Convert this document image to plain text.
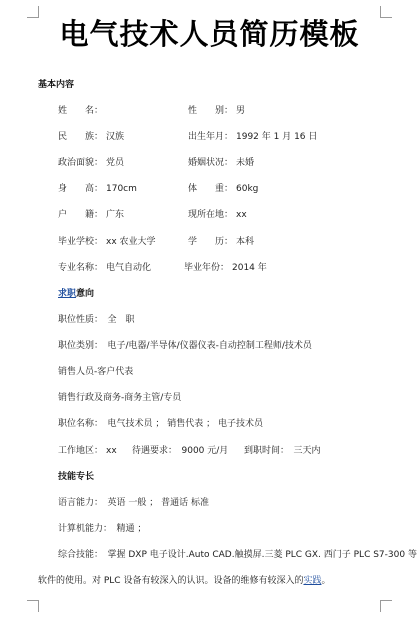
电气技术人员简历模板
基本内容
姓　　名：	性　　别： 男
民　　族： 汉族	出生年月： 1992 年 1 月 16 日
政治面貌： 党员	婚姻状况： 未婚
身　　高： 170cm	体　　重： 60kg
户　　籍： 广东	现所在地： xx
毕业学校： xx 农业大学	学　　历： 本科
专业名称： 电气自动化	毕业年份： 2014 年
求职意向
职位性质：　全　职
职位类别：　电子/电器/半导体/仪器仪表-自动控制工程师/技术员
销售人员-客户代表
销售行政及商务-商务主管/专员
职位名称：　电气技术员 ； 销售代表 ； 电子技术员
工作地区： xx 待遇要求：　9000 元/月 到职时间：　三天内
技能专长
语言能力：　英语 一般 ； 普通话 标准
计算机能力：　精通 ；
综合技能：　掌握 DXP 电子设计.Auto CAD.触摸屏.三菱 PLC GX. 西门子 PLC S7-300 等
软件的使用。对 PLC 设备有较深入的认识。设备的维修有较深入的实践。
